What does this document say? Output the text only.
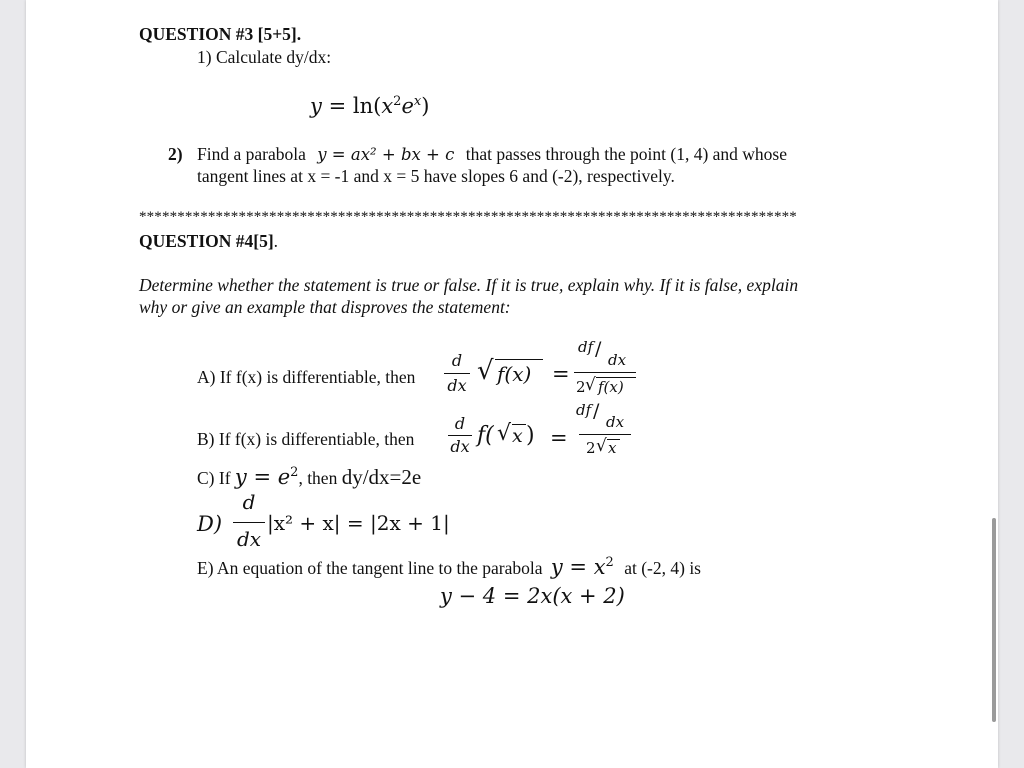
QUESTION #3 [5+5].
1) Calculate dy/dx:
$y = \ln(x^2e^x)$
2) Find a parabola y = ax² + bx + c that passes through the point (1, 4) and whose
tangent lines at x = -1 and x = 5 have slopes 6 and (-2), respectively.
**************************************************************************************
QUESTION #4[5].
Determine whether the statement is true or false. If it is true, explain why. If it is false, explain
why or give an example that disproves the statement:
A) If f(x) is differentiable, then
d
dx √ f(x) =
df / dx
2 √ f(x)
B) If f(x) is differentiable, then
d
dx f( √ x ) =
df / dx
2 √ x
C) If $y = e^2$, then dy/dx=2e
D)
d
dx
|x² + x| = |2x + 1|
E) An equation of the tangent line to the parabola $y = x^2$ at (-2, 4) is
y − 4 = 2x(x + 2)
